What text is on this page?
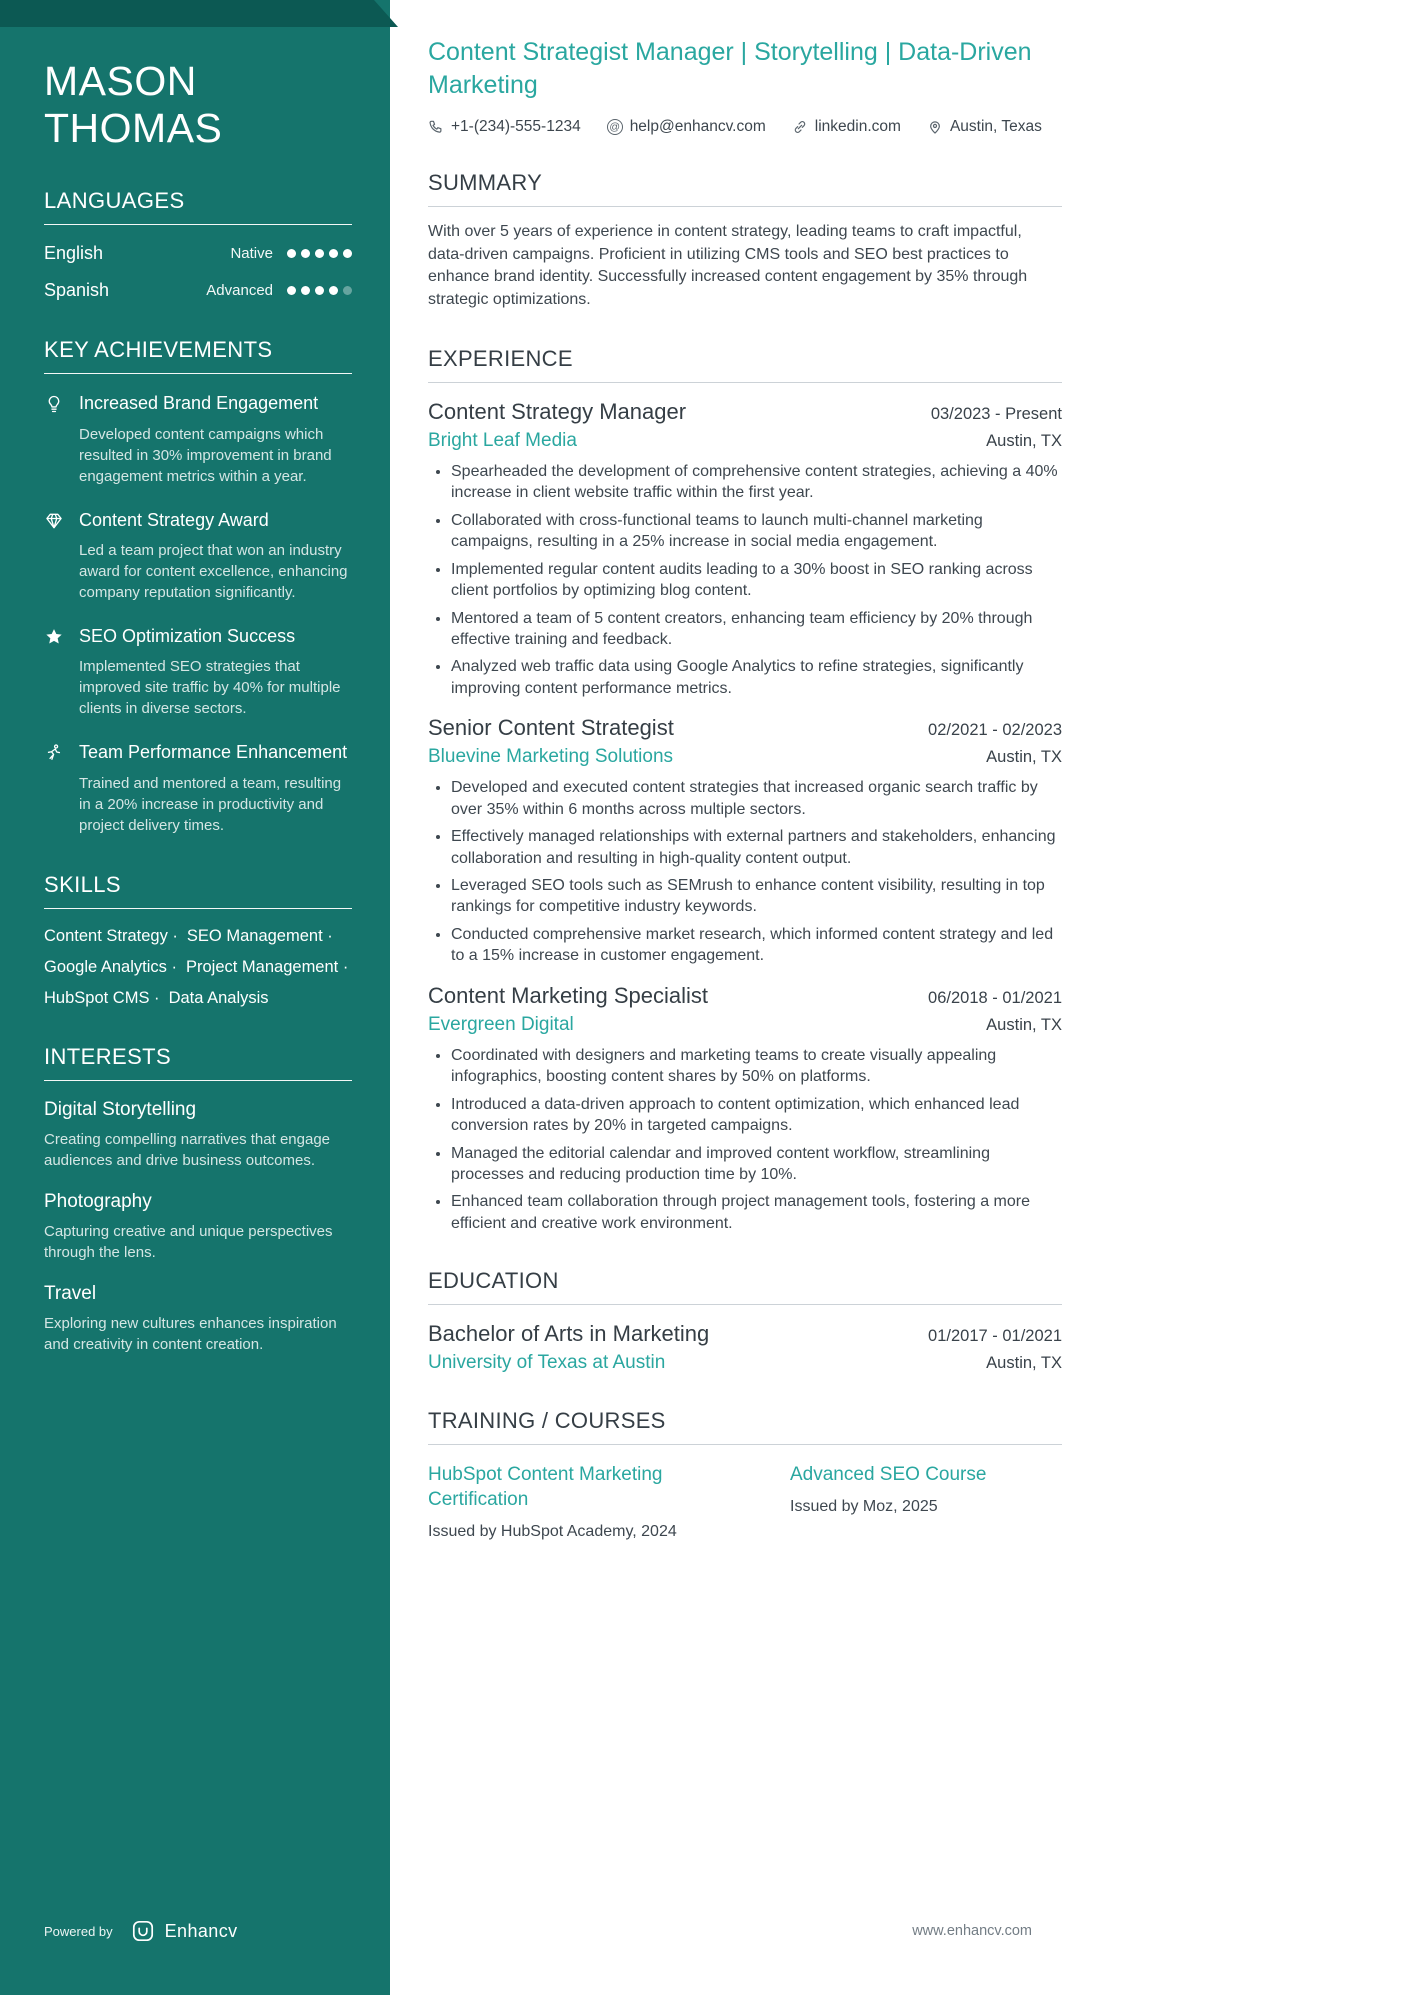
MASON
THOMAS
LANGUAGES
English	Native
Spanish	Advanced
KEY ACHIEVEMENTS
Increased Brand Engagement
Developed content campaigns which resulted in 30% improvement in brand engagement metrics within a year.
Content Strategy Award
Led a team project that won an industry award for content excellence, enhancing company reputation significantly.
SEO Optimization Success
Implemented SEO strategies that improved site traffic by 40% for multiple clients in diverse sectors.
Team Performance Enhancement
Trained and mentored a team, resulting in a 20% increase in productivity and project delivery times.
SKILLS
Content Strategy ·	SEO Management ·
Google Analytics ·	Project Management ·
HubSpot CMS ·	Data Analysis
INTERESTS
Digital Storytelling
Creating compelling narratives that engage audiences and drive business outcomes.
Photography
Capturing creative and unique perspectives through the lens.
Travel
Exploring new cultures enhances inspiration and creativity in content creation.
Powered by	Enhancv
Content Strategist Manager | Storytelling | Data-Driven Marketing
+1-(234)-555-1234	@ help@enhancv.com	linkedin.com	Austin, Texas
SUMMARY

With over 5 years of experience in content strategy, leading teams to craft impactful, data-driven campaigns. Proficient in utilizing CMS tools and SEO best practices to enhance brand identity. Successfully increased content engagement by 35% through strategic optimizations.

EXPERIENCE
Content Strategy Manager	03/2023 - Present
Bright Leaf Media	Austin, TX
• Spearheaded the development of comprehensive content strategies, achieving a 40% increase in client website traffic within the first year.
• Collaborated with cross-functional teams to launch multi-channel marketing campaigns, resulting in a 25% increase in social media engagement.
• Implemented regular content audits leading to a 30% boost in SEO ranking across client portfolios by optimizing blog content.
• Mentored a team of 5 content creators, enhancing team efficiency by 20% through effective training and feedback.
• Analyzed web traffic data using Google Analytics to refine strategies, significantly improving content performance metrics.
Senior Content Strategist	02/2021 - 02/2023
Bluevine Marketing Solutions	Austin, TX
• Developed and executed content strategies that increased organic search traffic by over 35% within 6 months across multiple sectors.
• Effectively managed relationships with external partners and stakeholders, enhancing collaboration and resulting in high-quality content output.
• Leveraged SEO tools such as SEMrush to enhance content visibility, resulting in top rankings for competitive industry keywords.
• Conducted comprehensive market research, which informed content strategy and led to a 15% increase in customer engagement.
Content Marketing Specialist	06/2018 - 01/2021
Evergreen Digital	Austin, TX
• Coordinated with designers and marketing teams to create visually appealing infographics, boosting content shares by 50% on platforms.
• Introduced a data-driven approach to content optimization, which enhanced lead conversion rates by 20% in targeted campaigns.
• Managed the editorial calendar and improved content workflow, streamlining processes and reducing production time by 10%.
• Enhanced team collaboration through project management tools, fostering a more efficient and creative work environment.
EDUCATION
Bachelor of Arts in Marketing	01/2017 - 01/2021
University of Texas at Austin	Austin, TX
TRAINING / COURSES
HubSpot Content Marketing Certification
Issued by HubSpot Academy, 2024
Advanced SEO Course
Issued by Moz, 2025
www.enhancv.com
